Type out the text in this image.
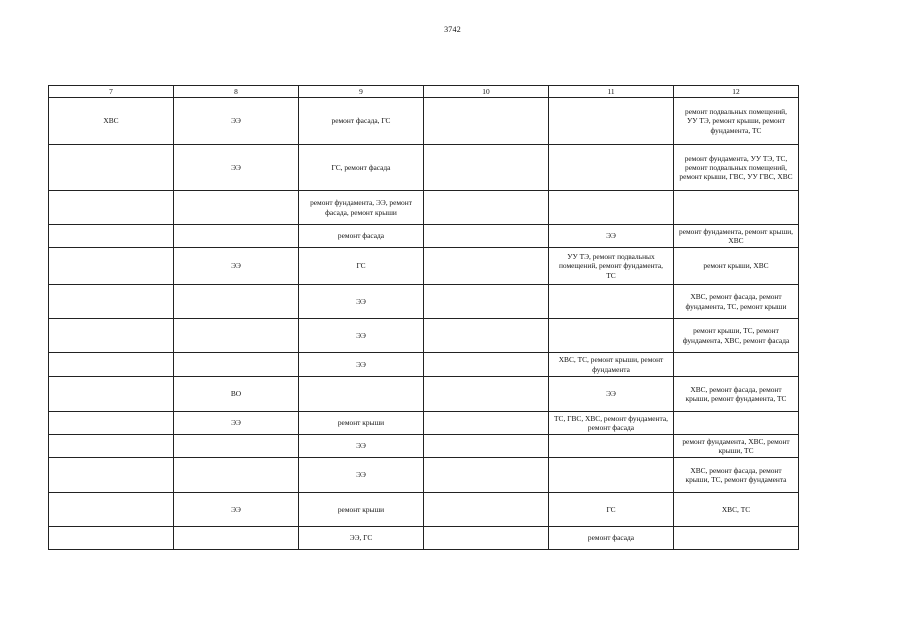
3742
7	8	9	10	11	12
ХВС	ЭЭ	ремонт фасада, ГС			ремонт подвальных помещений, УУ ТЭ, ремонт крыши, ремонт фундамента, ТС
	ЭЭ	ГС, ремонт фасада			ремонт фундамента, УУ ТЭ, ТС, ремонт подвальных помещений, ремонт крыши, ГВС, УУ ГВС, ХВС
		ремонт фундамента, ЭЭ, ремонт фасада, ремонт крыши			
		ремонт фасада		ЭЭ	ремонт фундамента, ремонт крыши, ХВС
	ЭЭ	ГС		УУ ТЭ, ремонт подвальных помещений, ремонт фундамента, ТС	ремонт крыши, ХВС
		ЭЭ			ХВС, ремонт фасада, ремонт фундамента, ТС, ремонт крыши
		ЭЭ			ремонт крыши, ТС, ремонт фундамента, ХВС, ремонт фасада
		ЭЭ		ХВС, ТС, ремонт крыши, ремонт фундамента	
	ВО			ЭЭ	ХВС, ремонт фасада, ремонт крыши, ремонт фундамента, ТС
	ЭЭ	ремонт крыши		ТС, ГВС, ХВС, ремонт фундамента, ремонт фасада	
		ЭЭ			ремонт фундамента, ХВС, ремонт крыши, ТС
		ЭЭ			ХВС, ремонт фасада, ремонт крыши, ТС, ремонт фундамента
	ЭЭ	ремонт крыши		ГС	ХВС, ТС
		ЭЭ, ГС		ремонт фасада	
